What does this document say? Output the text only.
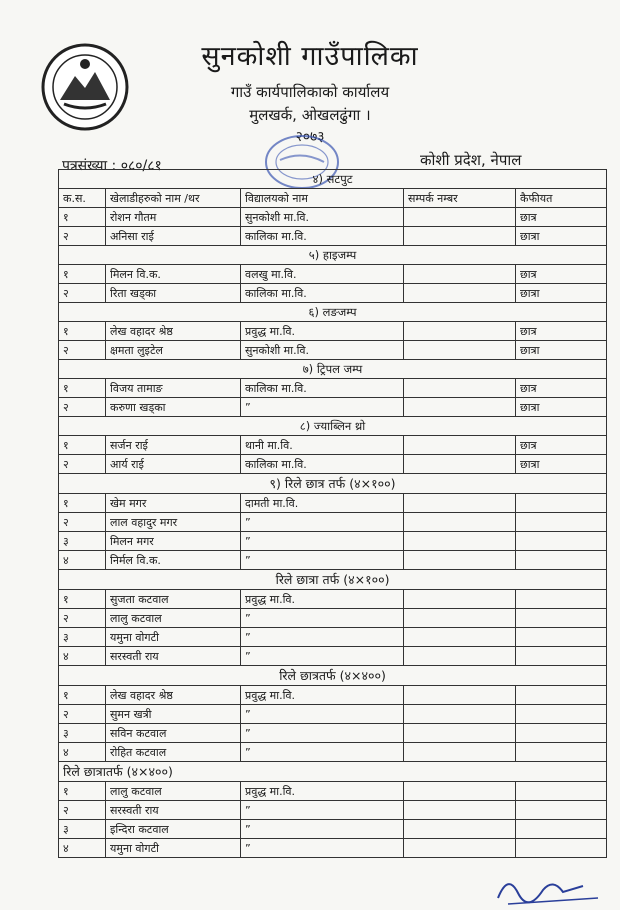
सुनकोशी गाउँपालिका
गाउँ कार्यपालिकाको कार्यालय
मुलखर्क, ओखलढुंगा ।
२०७३
पत्रसंख्या : ०८०/८१	कोशी प्रदेश, नेपाल
४) सटपुट				
क.स.	खेलाडीहरुको नाम /थर	विद्यालयको नाम	सम्पर्क नम्बर	कैफीयत
१	रोशन गौतम	सुनकोशी मा.वि.		छात्र
२	अनिसा राई	कालिका मा.वि.		छात्रा
५) हाइजम्प				
१	मिलन वि.क.	वलखु मा.वि.		छात्र
२	रिता खड्का	कालिका मा.वि.		छात्रा
६) लङजम्प				
१	लेख वहादर श्रेष्ठ	प्रवुद्ध मा.वि.		छात्र
२	क्षमता लुइटेल	सुनकोशी मा.वि.		छात्रा
७) ट्रिपल जम्प				
१	विजय तामाङ	कालिका मा.वि.		छात्र
२	करुणा खड्का	”		छात्रा
८) ज्याब्लिन थ्रो				
१	सर्जन राई	थानी मा.वि.		छात्र
२	आर्य राई	कालिका मा.वि.		छात्रा
९) रिले छात्र तर्फ (४×१००)				
१	खेम मगर	दामती मा.वि.		
२	लाल वहादुर मगर	”		
३	मिलन मगर	”		
४	निर्मल वि.क.	”		
रिले छात्रा तर्फ (४×१००)				
१	सुजता कटवाल	प्रवुद्ध मा.वि.		
२	लालु कटवाल	”		
३	यमुना वोगटी	”		
४	सरस्वती राय	”		
रिले छात्रतर्फ (४×४००)				
१	लेख वहादर श्रेष्ठ	प्रवुद्ध मा.वि.		
२	सुमन खत्री	”		
३	सविन कटवाल	”		
४	रोहित कटवाल	”		
रिले छात्रातर्फ (४×४००)				
१	लालु कटवाल	प्रवुद्ध मा.वि.		
२	सरस्वती राय	”		
३	इन्दिरा कटवाल	”		
४	यमुना वोगटी	”		
